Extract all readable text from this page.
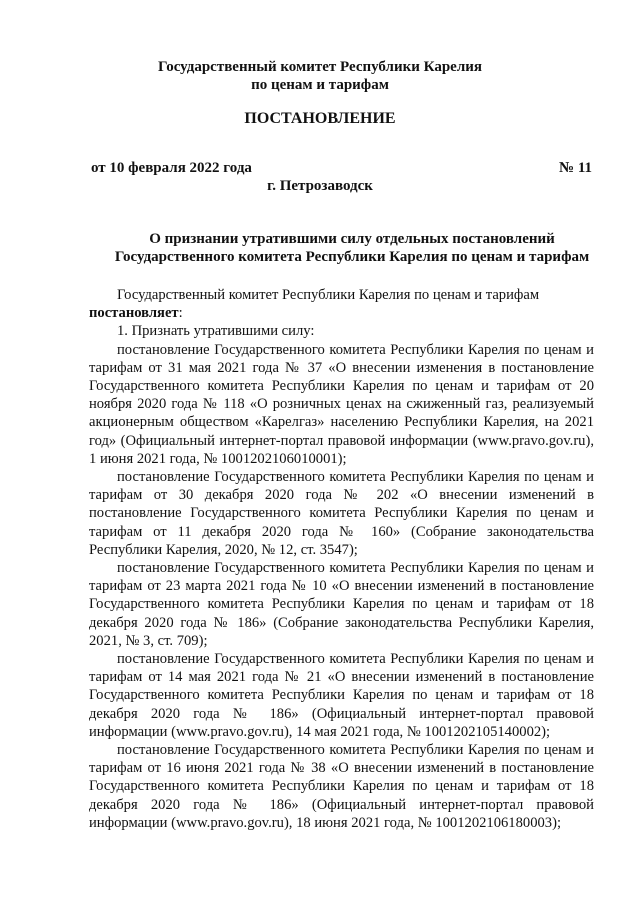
Государственный комитет Республики Карелия
по ценам и тарифам
ПОСТАНОВЛЕНИЕ
от 10 февраля 2022 года	№ 11
г. Петрозаводск
О признании утратившими силу отдельных постановлений
Государственного комитета Республики Карелия по ценам и тарифам

Государственный комитет Республики Карелия по ценам и тарифам

постановляет:

1. Признать утратившими силу:

постановление Государственного комитета Республики Карелия по ценам и тарифам от 31 мая 2021 года № 37 «О внесении изменения в постановление Государственного комитета Республики Карелия по ценам и тарифам от 20 ноября 2020 года № 118 «О розничных ценах на сжиженный газ, реализуемый акционерным обществом «Карелгаз» населению Республики Карелия, на 2021 год» (Официальный интернет-портал правовой информации (www.pravo.gov.ru), 1 июня 2021 года, № 1001202106010001);

постановление Государственного комитета Республики Карелия по ценам и тарифам от 30 декабря 2020 года № 202 «О внесении изменений в постановление Государственного комитета Республики Карелия по ценам и тарифам от 11 декабря 2020 года № 160» (Собрание законодательства Республики Карелия, 2020, № 12, ст. 3547);

постановление Государственного комитета Республики Карелия по ценам и тарифам от 23 марта 2021 года № 10 «О внесении изменений в постановление Государственного комитета Республики Карелия по ценам и тарифам от 18 декабря 2020 года № 186» (Собрание законодательства Республики Карелия, 2021, № 3, ст. 709);

постановление Государственного комитета Республики Карелия по ценам и тарифам от 14 мая 2021 года № 21 «О внесении изменений в постановление Государственного комитета Республики Карелия по ценам и тарифам от 18 декабря 2020 года № 186» (Официальный интернет-портал правовой информации (www.pravo.gov.ru), 14 мая 2021 года, № 1001202105140002);

постановление Государственного комитета Республики Карелия по ценам и тарифам от 16 июня 2021 года № 38 «О внесении изменений в постановление Государственного комитета Республики Карелия по ценам и тарифам от 18 декабря 2020 года № 186» (Официальный интернет-портал правовой информации (www.pravo.gov.ru), 18 июня 2021 года, № 1001202106180003);
